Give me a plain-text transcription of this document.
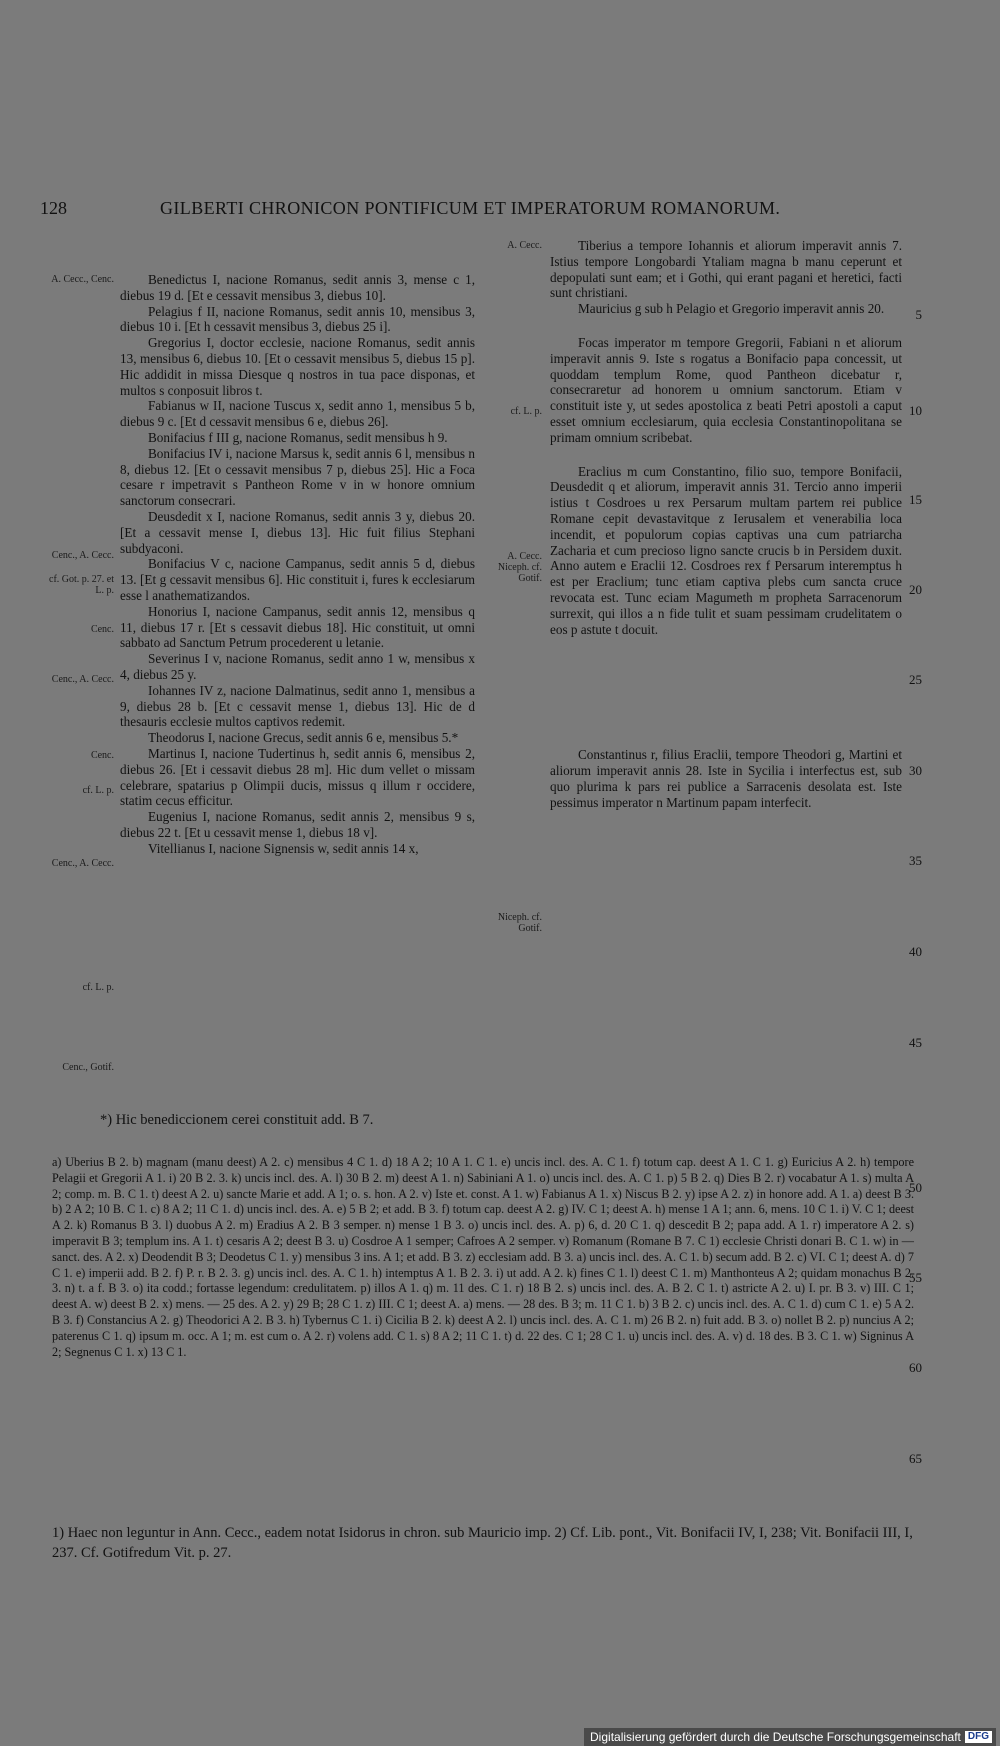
128	GILBERTI CHRONICON PONTIFICUM ET IMPERATORUM ROMANORUM.
A. Cecc., Cenc.
Cenc., A. Cecc.
cf. Got. p. 27. et L. p.
Cenc.
Cenc., A. Cecc.
Cenc.
cf. L. p.
Cenc., A. Cecc.
cf. L. p.
Cenc., Gotif.

Benedictus I, nacione Romanus, sedit annis 3, mense c 1, diebus 19 d. [Et e cessavit mensibus 3, diebus 10].

Pelagius f II, nacione Romanus, sedit annis 10, mensibus 3, diebus 10 i. [Et h cessavit mensibus 3, diebus 25 i].

Gregorius I, doctor ecclesie, nacione Romanus, sedit annis 13, mensibus 6, diebus 10. [Et o cessavit mensibus 5, diebus 15 p]. Hic addidit in missa Diesque q nostros in tua pace disponas, et multos s conposuit libros t.

Fabianus w II, nacione Tuscus x, sedit anno 1, mensibus 5 b, diebus 9 c. [Et d cessavit mensibus 6 e, diebus 26].

Bonifacius f III g, nacione Romanus, sedit mensibus h 9.

Bonifacius IV i, nacione Marsus k, sedit annis 6 l, mensibus n 8, diebus 12. [Et o cessavit mensibus 7 p, diebus 25]. Hic a Foca cesare r impetravit s Pantheon Rome v in w honore omnium sanctorum consecrari.

Deusdedit x I, nacione Romanus, sedit annis 3 y, diebus 20. [Et a cessavit mense I, diebus 13]. Hic fuit filius Stephani subdyaconi.

Bonifacius V c, nacione Campanus, sedit annis 5 d, diebus 13. [Et g cessavit mensibus 6]. Hic constituit i, fures k ecclesiarum esse l anathematizandos.

Honorius I, nacione Campanus, sedit annis 12, mensibus q 11, diebus 17 r. [Et s cessavit diebus 18]. Hic constituit, ut omni sabbato ad Sanctum Petrum procederent u letanie.

Severinus I v, nacione Romanus, sedit anno 1 w, mensibus x 4, diebus 25 y.

Iohannes IV z, nacione Dalmatinus, sedit anno 1, mensibus a 9, diebus 28 b. [Et c cessavit mense 1, diebus 13]. Hic de d thesauris ecclesie multos captivos redemit.

Theodorus I, nacione Grecus, sedit annis 6 e, mensibus 5.*

Martinus I, nacione Tudertinus h, sedit annis 6, mensibus 2, diebus 26. [Et i cessavit diebus 28 m]. Hic dum vellet o missam celebrare, spatarius p Olimpii ducis, missus q illum r occidere, statim cecus efficitur.

Eugenius I, nacione Romanus, sedit annis 2, mensibus 9 s, diebus 22 t. [Et u cessavit mense 1, diebus 18 v].

Vitellianus I, nacione Signensis w, sedit annis 14 x,

A. Cecc.
cf. L. p.
A. Cecc. Niceph. cf. Gotif.
Niceph. cf. Gotif.

Tiberius a tempore Iohannis et aliorum imperavit annis 7. Istius tempore Longobardi Ytaliam magna b manu ceperunt et depopulati sunt eam; et i Gothi, qui erant pagani et heretici, facti sunt christiani.

Mauricius g sub h Pelagio et Gregorio imperavit annis 20.

Focas imperator m tempore Gregorii, Fabiani n et aliorum imperavit annis 9. Iste s rogatus a Bonifacio papa concessit, ut quoddam templum Rome, quod Pantheon dicebatur r, consecraretur ad honorem u omnium sanctorum. Etiam v constituit iste y, ut sedes apostolica z beati Petri apostoli a caput esset omnium ecclesiarum, quia ecclesia Constantinopolitana se primam omnium scribebat.

Eraclius m cum Constantino, filio suo, tempore Bonifacii, Deusdedit q et aliorum, imperavit annis 31. Tercio anno imperii istius t Cosdroes u rex Persarum multam partem rei publice Romane cepit devastavitque z Ierusalem et venerabilia loca incendit, et populorum copias captivas una cum patriarcha Zacharia et cum precioso ligno sancte crucis b in Persidem duxit. Anno autem e Eraclii 12. Cosdroes rex f Persarum interemptus h est per Eraclium; tunc etiam captiva plebs cum sancta cruce revocata est. Tunc eciam Magumeth m propheta Sarracenorum surrexit, qui illos a n fide tulit et suam pessimam crudelitatem o eos p astute t docuit.

Constantinus r, filius Eraclii, tempore Theodori g, Martini et aliorum imperavit annis 28. Iste in Sycilia i interfectus est, sub quo plurima k pars rei publice a Sarracenis desolata est. Iste pessimus imperator n Martinum papam interfecit.

5
10
15
20
25
30
35
40
45
50
55
60
65
*) Hic benediccionem cerei constituit add. B 7.

a) Uberius B 2. b) magnam (manu deest) A 2. c) mensibus 4 C 1. d) 18 A 2; 10 A 1. C 1. e) uncis incl. des. A. C 1. f) totum cap. deest A 1. C 1. g) Euricius A 2. h) tempore Pelagii et Gregorii A 1. i) 20 B 2. 3. k) uncis incl. des. A. l) 30 B 2. m) deest A 1. n) Sabiniani A 1. o) uncis incl. des. A. C 1. p) 5 B 2. q) Dies B 2. r) vocabatur A 1. s) multa A 2; comp. m. B. C 1. t) deest A 2. u) sancte Marie et add. A 1; o. s. hon. A 2. v) Iste et. const. A 1. w) Fabianus A 1. x) Niscus B 2. y) ipse A 2. z) in honore add. A 1. a) deest B 3. b) 2 A 2; 10 B. C 1. c) 8 A 2; 11 C 1. d) uncis incl. des. A. e) 5 B 2; et add. B 3. f) totum cap. deest A 2. g) IV. C 1; deest A. h) mense 1 A 1; ann. 6, mens. 10 C 1. i) V. C 1; deest A 2. k) Romanus B 3. l) duobus A 2. m) Eradius A 2. B 3 semper. n) mense 1 B 3. o) uncis incl. des. A. p) 6, d. 20 C 1. q) descedit B 2; papa add. A 1. r) imperatore A 2. s) imperavit B 3; templum ins. A 1. t) cesaris A 2; deest B 3. u) Cosdroe A 1 semper; Cafroes A 2 semper. v) Romanum (Romane B 7. C 1) ecclesie Christi donari B. C 1. w) in — sanct. des. A 2. x) Deodendit B 3; Deodetus C 1. y) mensibus 3 ins. A 1; et add. B 3. z) ecclesiam add. B 3. a) uncis incl. des. A. C 1. b) secum add. B 2. c) VI. C 1; deest A. d) 7 C 1. e) imperii add. B 2. f) P. r. B 2. 3. g) uncis incl. des. A. C 1. h) intemptus A 1. B 2. 3. i) ut add. A 2. k) fines C 1. l) deest C 1. m) Manthonteus A 2; quidam monachus B 2. 3. n) t. a f. B 3. o) ita codd.; fortasse legendum: credulitatem. p) illos A 1. q) m. 11 des. C 1. r) 18 B 2. s) uncis incl. des. A. B 2. C 1. t) astricte A 2. u) I. pr. B 3. v) III. C 1; deest A. w) deest B 2. x) mens. — 25 des. A 2. y) 29 B; 28 C 1. z) III. C 1; deest A. a) mens. — 28 des. B 3; m. 11 C 1. b) 3 B 2. c) uncis incl. des. A. C 1. d) cum C 1. e) 5 A 2. B 3. f) Constancius A 2. g) Theodorici A 2. B 3. h) Tybernus C 1. i) Cicilia B 2. k) deest A 2. l) uncis incl. des. A. C 1. m) 26 B 2. n) fuit add. B 3. o) nollet B 2. p) nuncius A 2; paterenus C 1. q) ipsum m. occ. A 1; m. est cum o. A 2. r) volens add. C 1. s) 8 A 2; 11 C 1. t) d. 22 des. C 1; 28 C 1. u) uncis incl. des. A. v) d. 18 des. B 3. C 1. w) Signinus A 2; Segnenus C 1. x) 13 C 1.

1) Haec non leguntur in Ann. Cecc., eadem notat Isidorus in chron. sub Mauricio imp. 2) Cf. Lib. pont., Vit. Bonifacii IV, I, 238; Vit. Bonifacii III, I, 237. Cf. Gotifredum Vit. p. 27.

Digitalisierung gefördert durch die Deutsche Forschungsgemeinschaft DFG
